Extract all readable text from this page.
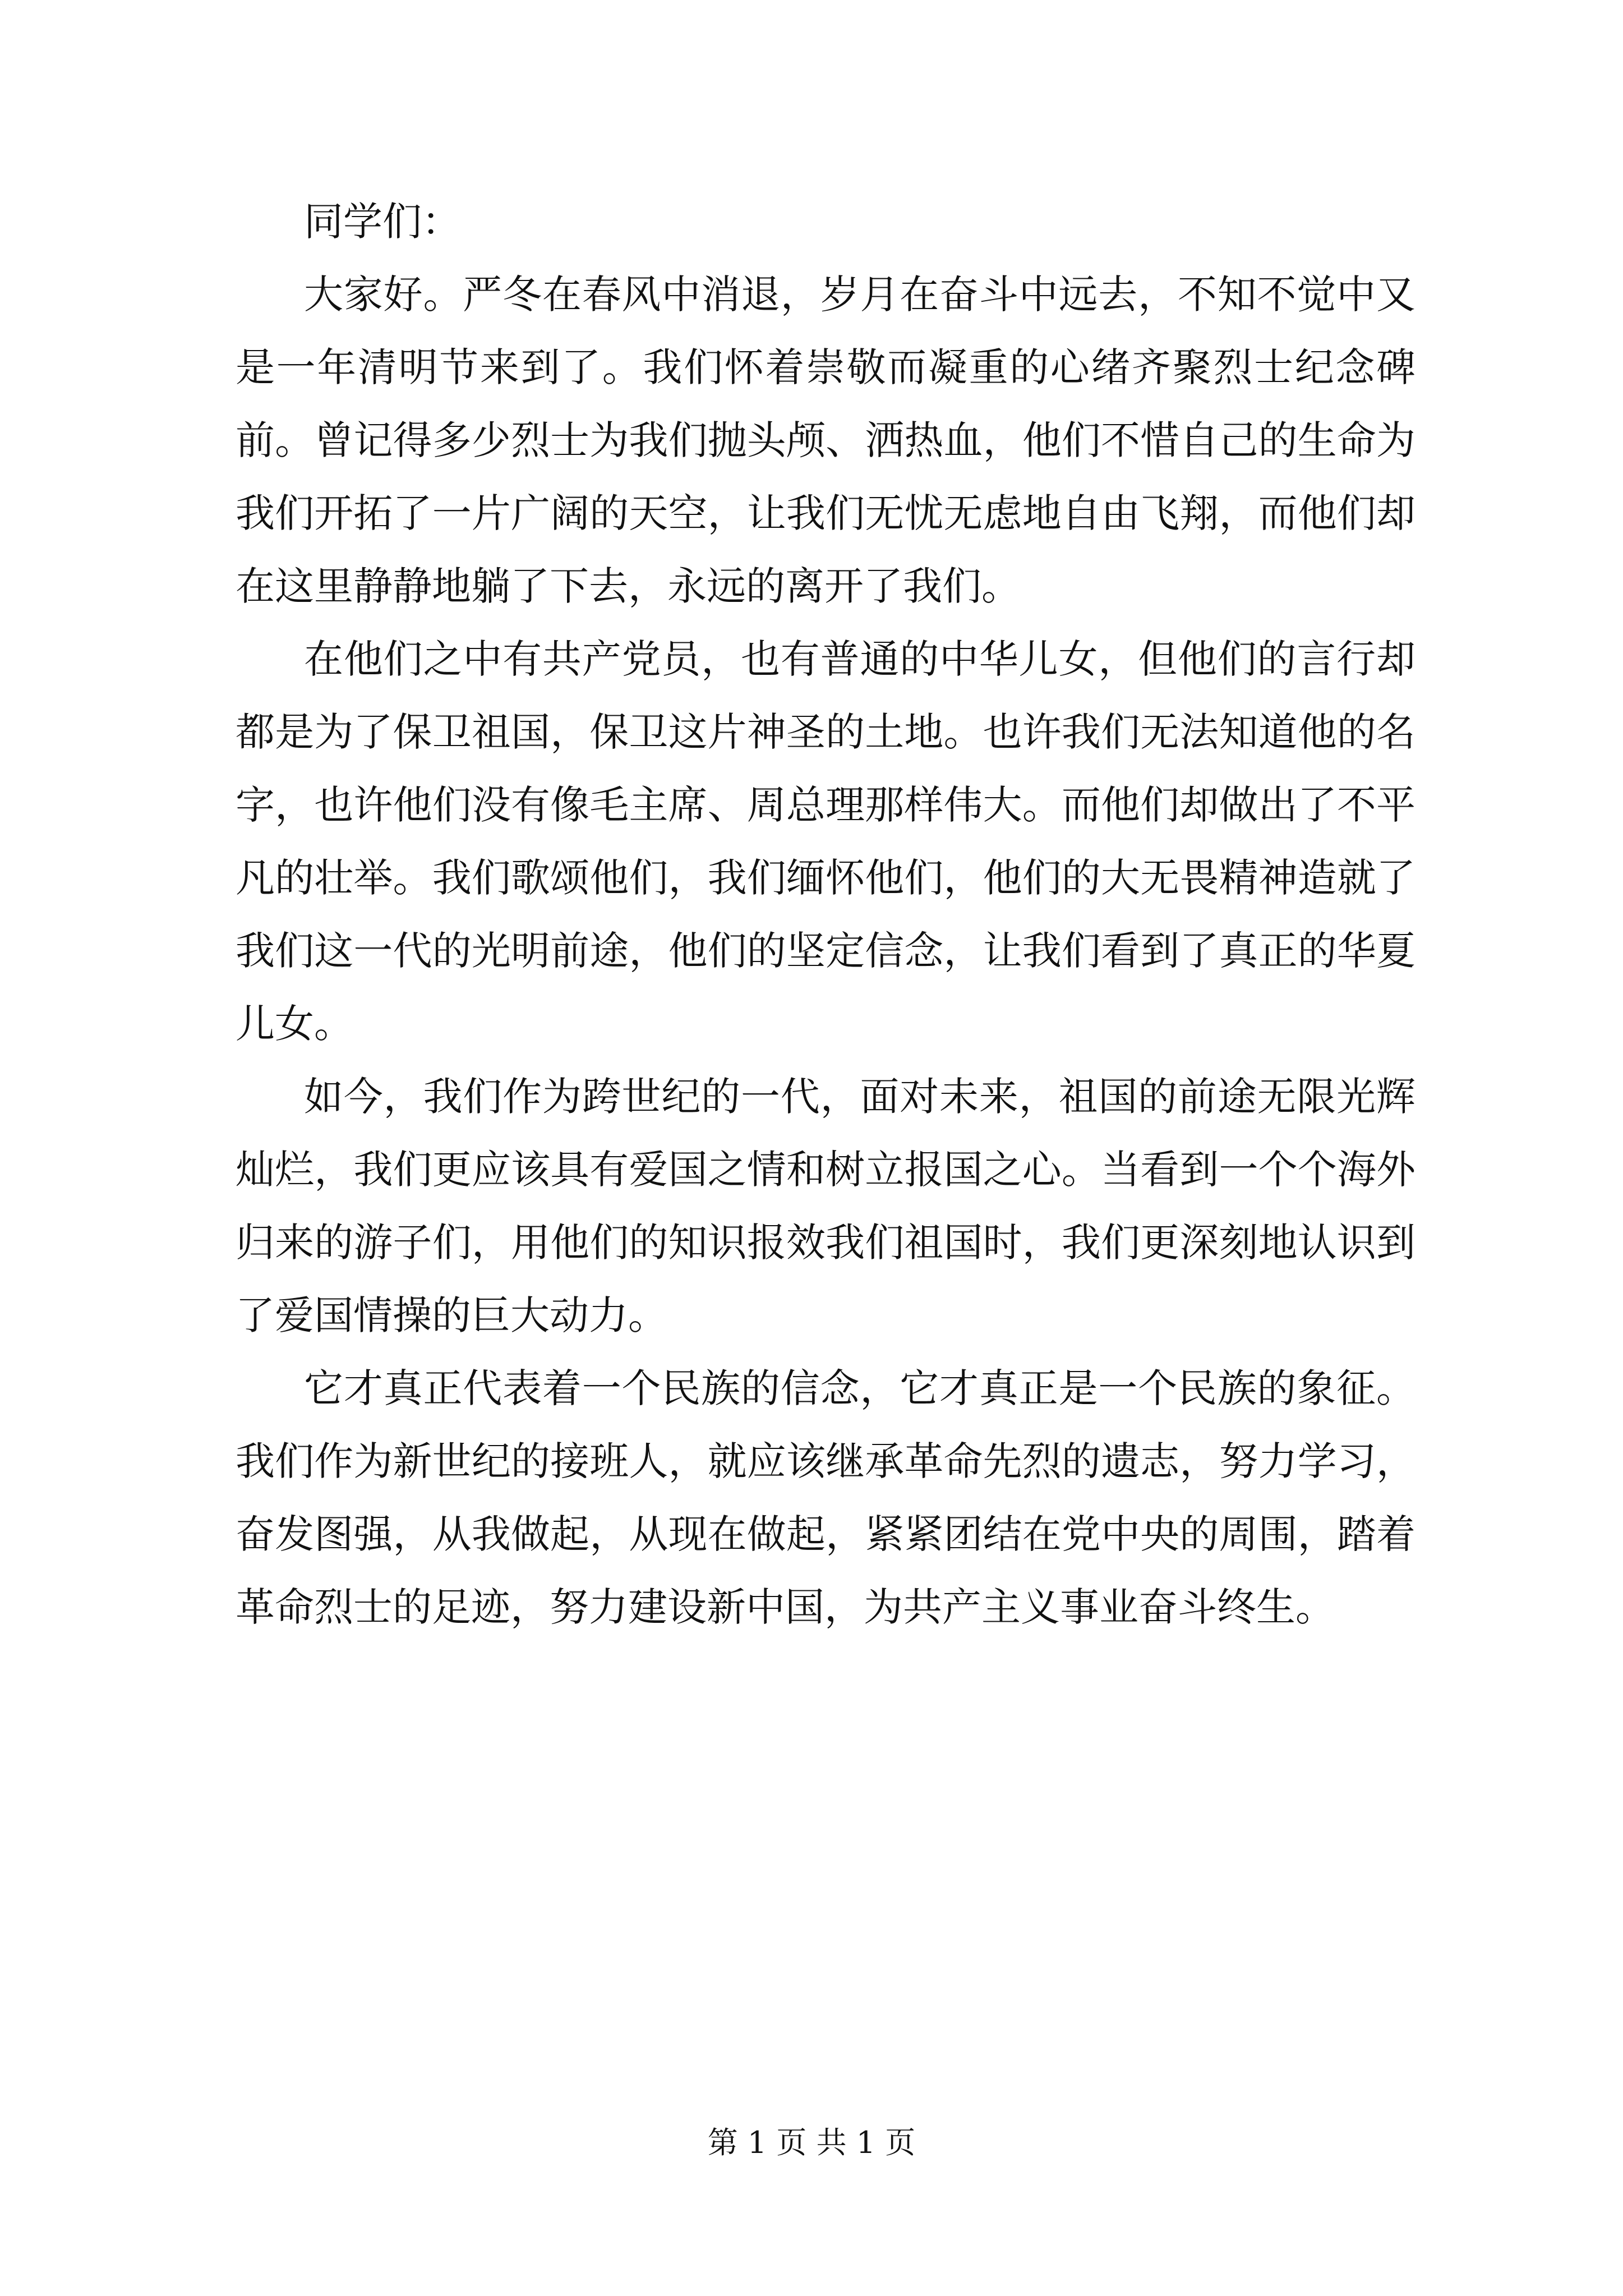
同学们：

大家好。严冬在春风中消退，岁月在奋斗中远去，不知不觉中又是一年清明节来到了。我们怀着崇敬而凝重的心绪齐聚烈士纪念碑前。曾记得多少烈士为我们抛头颅、洒热血，他们不惜自己的生命为我们开拓了一片广阔的天空，让我们无忧无虑地自由飞翔，而他们却在这里静静地躺了下去，永远的离开了我们。

在他们之中有共产党员，也有普通的中华儿女，但他们的言行却都是为了保卫祖国，保卫这片神圣的土地。也许我们无法知道他的名字，也许他们没有像毛主席、周总理那样伟大。而他们却做出了不平凡的壮举。我们歌颂他们，我们缅怀他们，他们的大无畏精神造就了我们这一代的光明前途，他们的坚定信念，让我们看到了真正的华夏儿女。

如今，我们作为跨世纪的一代，面对未来，祖国的前途无限光辉灿烂，我们更应该具有爱国之情和树立报国之心。当看到一个个海外归来的游子们，用他们的知识报效我们祖国时，我们更深刻地认识到了爱国情操的巨大动力。

它才真正代表着一个民族的信念，它才真正是一个民族的象征。我们作为新世纪的接班人，就应该继承革命先烈的遗志，努力学习，奋发图强，从我做起，从现在做起，紧紧团结在党中央的周围，踏着革命烈士的足迹，努力建设新中国，为共产主义事业奋斗终生。

第 1 页 共 1 页
